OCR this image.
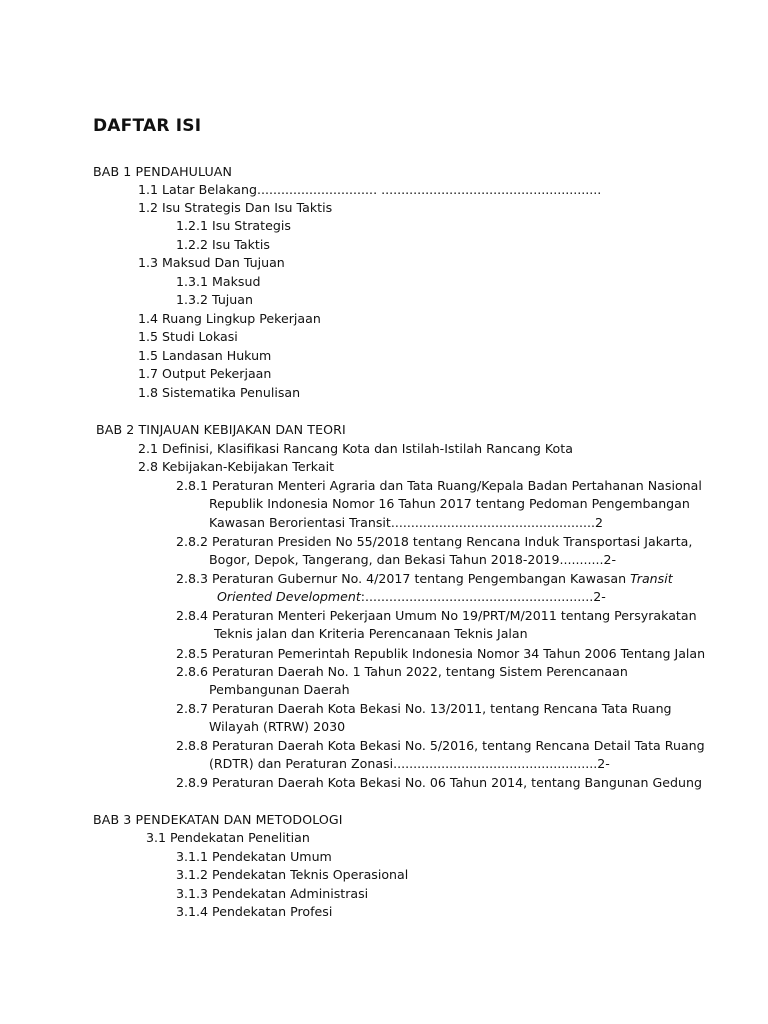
DAFTAR ISI
BAB 1 PENDAHULUAN
1.1 Latar Belakang.............................. .......................................................
1.2 Isu Strategis Dan Isu Taktis
1.2.1 Isu Strategis
1.2.2 Isu Taktis
1.3 Maksud Dan Tujuan
1.3.1 Maksud
1.3.2 Tujuan
1.4 Ruang Lingkup Pekerjaan
1.5 Studi Lokasi
1.5 Landasan Hukum
1.7 Output Pekerjaan
1.8 Sistematika Penulisan
BAB 2 TINJAUAN KEBIJAKAN DAN TEORI
2.1 Definisi, Klasifikasi Rancang Kota dan Istilah-Istilah Rancang Kota
2.8 Kebijakan-Kebijakan Terkait
2.8.1 Peraturan Menteri Agraria dan Tata Ruang/Kepala Badan Pertahanan Nasional
Republik Indonesia Nomor 16 Tahun 2017 tentang Pedoman Pengembangan
Kawasan Berorientasi Transit...................................................2
2.8.2 Peraturan Presiden No 55/2018 tentang Rencana Induk Transportasi Jakarta,
Bogor, Depok, Tangerang, dan Bekasi Tahun 2018-2019...........2-
2.8.3 Peraturan Gubernur No. 4/2017 tentang Pengembangan Kawasan Transit
Oriented Development:.........................................................2-
2.8.4 Peraturan Menteri Pekerjaan Umum No 19/PRT/M/2011 tentang Persyrakatan
Teknis jalan dan Kriteria Perencanaan Teknis Jalan
2.8.5 Peraturan Pemerintah Republik Indonesia Nomor 34 Tahun 2006 Tentang Jalan
2.8.6 Peraturan Daerah No. 1 Tahun 2022, tentang Sistem Perencanaan
Pembangunan Daerah
2.8.7 Peraturan Daerah Kota Bekasi No. 13/2011, tentang Rencana Tata Ruang
Wilayah (RTRW) 2030
2.8.8 Peraturan Daerah Kota Bekasi No. 5/2016, tentang Rencana Detail Tata Ruang
(RDTR) dan Peraturan Zonasi...................................................2-
2.8.9 Peraturan Daerah Kota Bekasi No. 06 Tahun 2014, tentang Bangunan Gedung
BAB 3 PENDEKATAN DAN METODOLOGI
3.1 Pendekatan Penelitian
3.1.1 Pendekatan Umum
3.1.2 Pendekatan Teknis Operasional
3.1.3 Pendekatan Administrasi
3.1.4 Pendekatan Profesi
